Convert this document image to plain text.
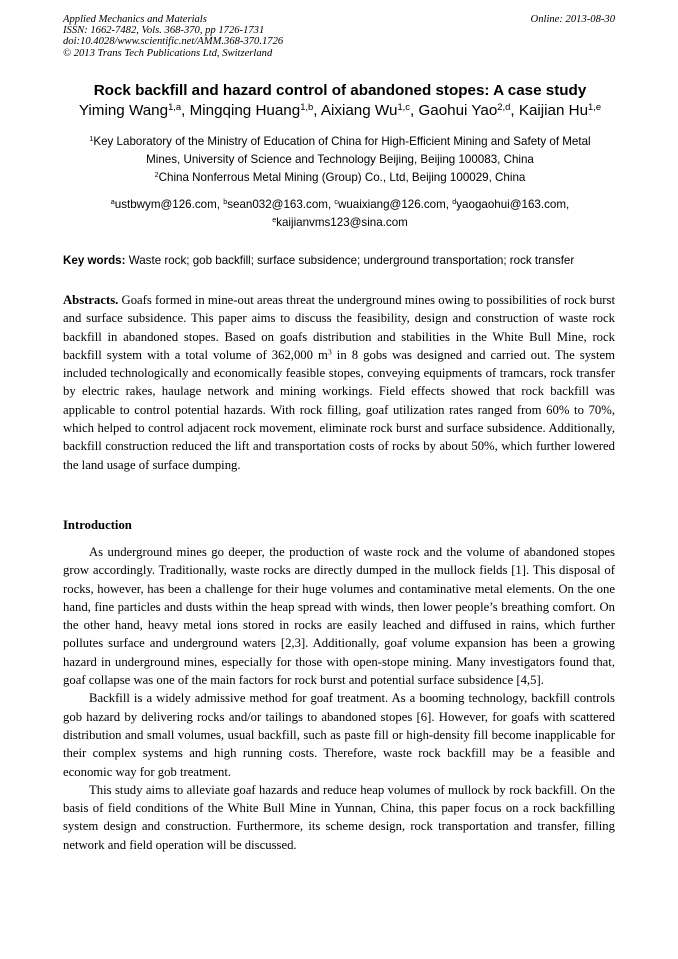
Applied Mechanics and Materials
ISSN: 1662-7482, Vols. 368-370, pp 1726-1731
doi:10.4028/www.scientific.net/AMM.368-370.1726
© 2013 Trans Tech Publications Ltd, Switzerland
Online: 2013-08-30
Rock backfill and hazard control of abandoned stopes: A case study
Yiming Wang$^{1,a}$, Mingqing Huang$^{1,b}$, Aixiang Wu$^{1,c}$, Gaohui Yao$^{2,d}$, Kaijian Hu$^{1,e}$
$^1$Key Laboratory of the Ministry of Education of China for High-Efficient Mining and Safety of Metal
Mines, University of Science and Technology Beijing, Beijing 100083, China
$^2$China Nonferrous Metal Mining (Group) Co., Ltd, Beijing 100029, China
$^a$ustbwym@126.com, $^b$sean032@163.com, $^c$wuaixiang@126.com, $^d$yaogaohui@163.com,
$^e$kaijianvms123@sina.com
Key words: Waste rock; gob backfill; surface subsidence; underground transportation; rock transfer
Abstracts. Goafs formed in mine-out areas threat the underground mines owing to possibilities of rock burst and surface subsidence. This paper aims to discuss the feasibility, design and construction of waste rock backfill in abandoned stopes. Based on goafs distribution and stabilities in the White Bull Mine, rock backfill system with a total volume of 362,000 $m^3$ in 8 gobs was designed and carried out. The system included technologically and economically feasible stopes, conveying equipments of tramcars, rock transfer by electric rakes, haulage network and mining workings. Field effects showed that rock backfill was applicable to control potential hazards. With rock filling, goaf utilization rates ranged from 60% to 70%, which helped to control adjacent rock movement, eliminate rock burst and surface subsidence. Additionally, backfill construction reduced the lift and transportation costs of rocks by about 50%, which further lowered the land usage of surface dumping.
Introduction

As underground mines go deeper, the production of waste rock and the volume of abandoned stopes grow accordingly. Traditionally, waste rocks are directly dumped in the mullock fields [1]. This disposal of rocks, however, has been a challenge for their huge volumes and contaminative metal elements. On the one hand, fine particles and dusts within the heap spread with winds, then lower people’s breathing comfort. On the other hand, heavy metal ions stored in rocks are easily leached and diffused in rains, which further pollutes surface and underground waters [2,3]. Additionally, goaf volume expansion has been a growing hazard in underground mines, especially for those with open-stope mining. Many investigators found that, goaf collapse was one of the main factors for rock burst and potential surface subsidence [4,5].

Backfill is a widely admissive method for goaf treatment. As a booming technology, backfill controls gob hazard by delivering rocks and/or tailings to abandoned stopes [6]. However, for goafs with scattered distribution and small volumes, usual backfill, such as paste fill or high-density fill become inapplicable for their complex systems and high running costs. Therefore, waste rock backfill may be a feasible and economic way for gob treatment.

This study aims to alleviate goaf hazards and reduce heap volumes of mullock by rock backfill. On the basis of field conditions of the White Bull Mine in Yunnan, China, this paper focus on a rock backfilling system design and construction. Furthermore, its scheme design, rock transportation and transfer, filling network and field operation will be discussed.
